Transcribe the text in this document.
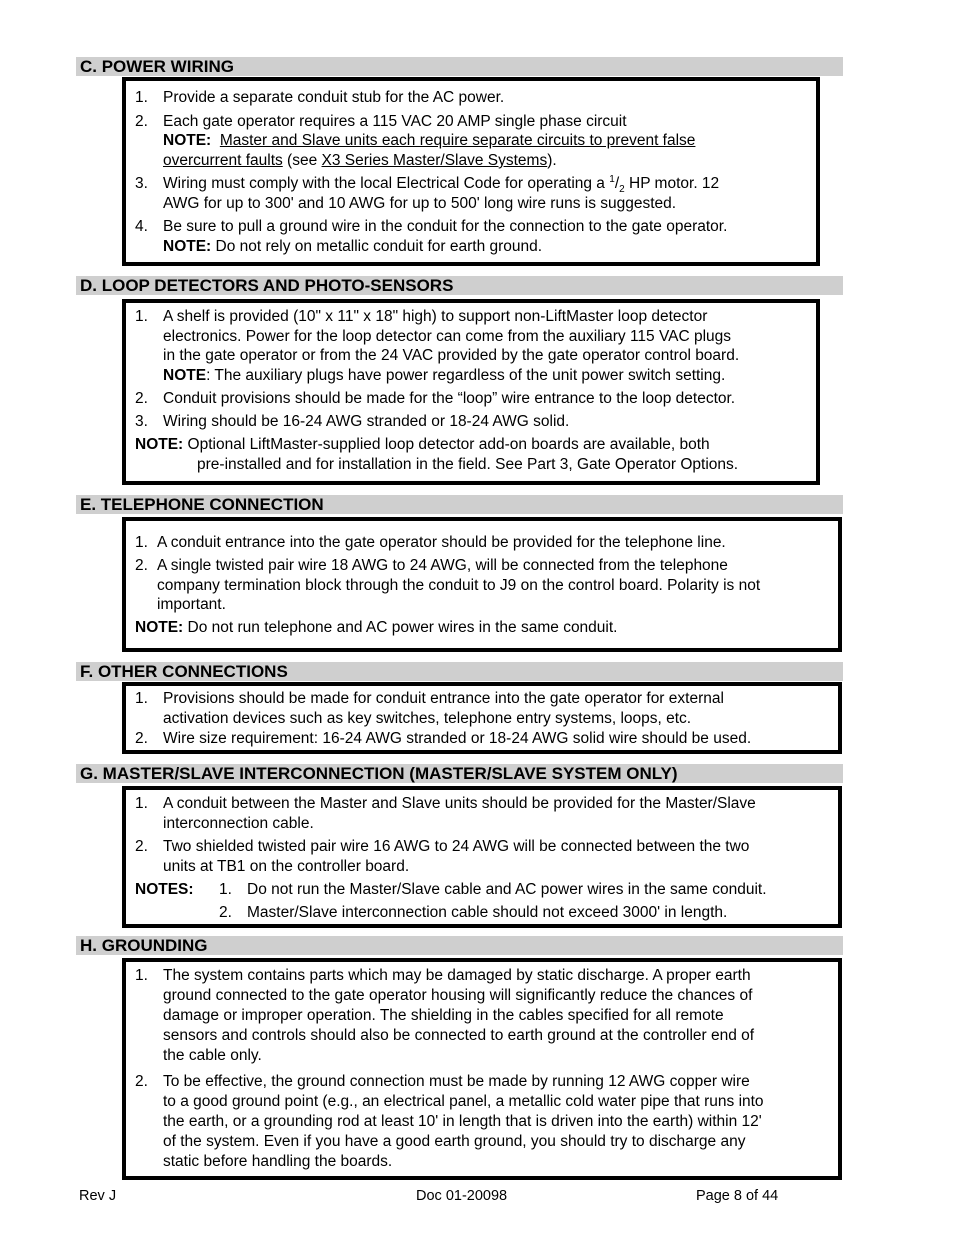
C. POWER WIRING
1. Provide a separate conduit stub for the AC power.
2. Each gate operator requires a 115 VAC 20 AMP single phase circuit
NOTE: Master and Slave units each require separate circuits to prevent false
overcurrent faults (see X3 Series Master/Slave Systems).
3. Wiring must comply with the local Electrical Code for operating a $^1/_2$ HP motor. 12
AWG for up to 300' and 10 AWG for up to 500' long wire runs is suggested.
4. Be sure to pull a ground wire in the conduit for the connection to the gate operator.
NOTE: Do not rely on metallic conduit for earth ground.
D. LOOP DETECTORS AND PHOTO-SENSORS
1. A shelf is provided (10" x 11" x 18" high) to support non-LiftMaster loop detector
electronics. Power for the loop detector can come from the auxiliary 115 VAC plugs
in the gate operator or from the 24 VAC provided by the gate operator control board.
NOTE: The auxiliary plugs have power regardless of the unit power switch setting.
2. Conduit provisions should be made for the “loop” wire entrance to the loop detector.
3. Wiring should be 16-24 AWG stranded or 18-24 AWG solid.
NOTE: Optional LiftMaster-supplied loop detector add-on boards are available, both
pre-installed and for installation in the field. See Part 3, Gate Operator Options.
E. TELEPHONE CONNECTION
1. A conduit entrance into the gate operator should be provided for the telephone line.
2. A single twisted pair wire 18 AWG to 24 AWG, will be connected from the telephone
company termination block through the conduit to J9 on the control board. Polarity is not
important.
NOTE: Do not run telephone and AC power wires in the same conduit.
F. OTHER CONNECTIONS
1. Provisions should be made for conduit entrance into the gate operator for external
activation devices such as key switches, telephone entry systems, loops, etc.
2. Wire size requirement: 16-24 AWG stranded or 18-24 AWG solid wire should be used.
G. MASTER/SLAVE INTERCONNECTION (MASTER/SLAVE SYSTEM ONLY)
1. A conduit between the Master and Slave units should be provided for the Master/Slave
interconnection cable.
2. Two shielded twisted pair wire 16 AWG to 24 AWG will be connected between the two
units at TB1 on the controller board.
NOTES: 1. Do not run the Master/Slave cable and AC power wires in the same conduit.
2. Master/Slave interconnection cable should not exceed 3000' in length.
H. GROUNDING
1. The system contains parts which may be damaged by static discharge. A proper earth
ground connected to the gate operator housing will significantly reduce the chances of
damage or improper operation. The shielding in the cables specified for all remote
sensors and controls should also be connected to earth ground at the controller end of
the cable only.
2. To be effective, the ground connection must be made by running 12 AWG copper wire
to a good ground point (e.g., an electrical panel, a metallic cold water pipe that runs into
the earth, or a grounding rod at least 10' in length that is driven into the earth) within 12'
of the system. Even if you have a good earth ground, you should try to discharge any
static before handling the boards.
Rev J	Doc 01-20098	Page 8 of 44
